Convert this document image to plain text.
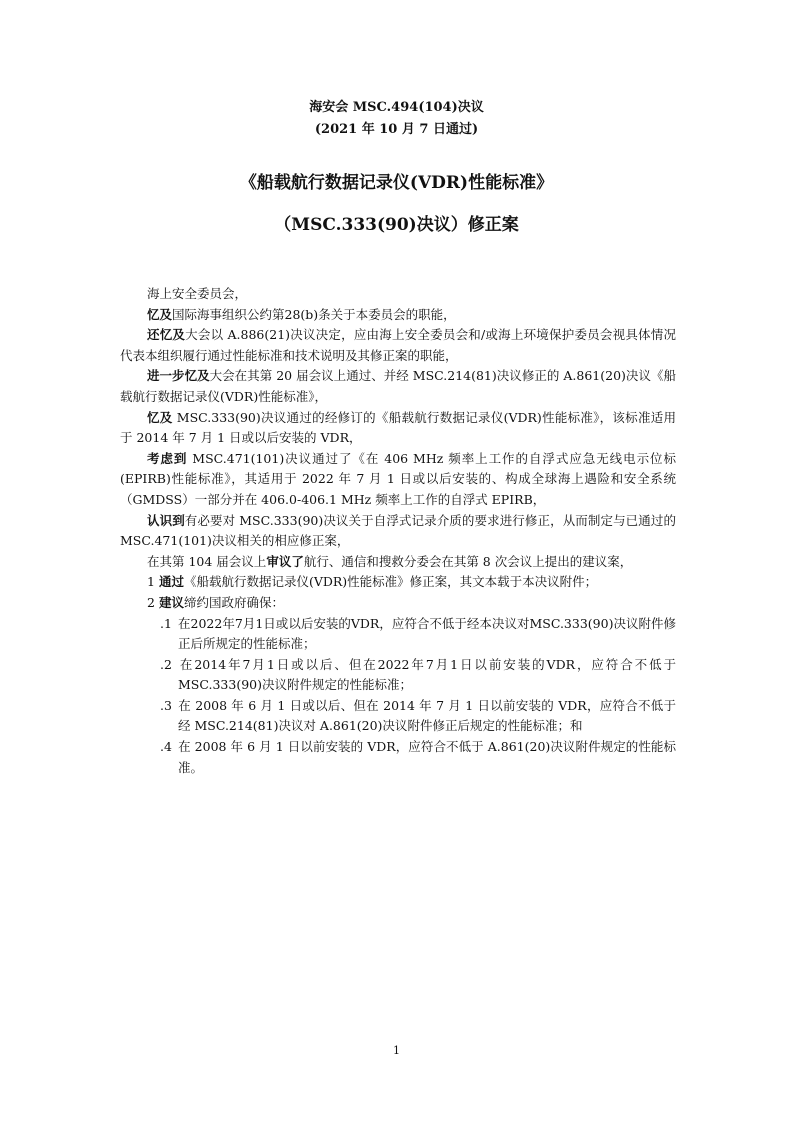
海安会 MSC.494(104)决议
(2021 年 10 月 7 日通过)
《船载航行数据记录仪(VDR)性能标准》
（MSC.333(90)决议）修正案

海上安全委员会，

忆及国际海事组织公约第28(b)条关于本委员会的职能，

还忆及大会以 A.886(21)决议决定，应由海上安全委员会和/或海上环境保护委员会视具体情况代表本组织履行通过性能标准和技术说明及其修正案的职能，

进一步忆及大会在其第 20 届会议上通过、并经 MSC.214(81)决议修正的 A.861(20)决议《船载航行数据记录仪(VDR)性能标准》，

忆及 MSC.333(90)决议通过的经修订的《船载航行数据记录仪(VDR)性能标准》，该标准适用于 2014 年 7 月 1 日或以后安装的 VDR，

考虑到 MSC.471(101)决议通过了《在 406 MHz 频率上工作的自浮式应急无线电示位标(EPIRB)性能标准》，其适用于 2022 年 7 月 1 日或以后安装的、构成全球海上遇险和安全系统（GMDSS）一部分并在 406.0-406.1 MHz 频率上工作的自浮式 EPIRB，

认识到有必要对 MSC.333(90)决议关于自浮式记录介质的要求进行修正，从而制定与已通过的 MSC.471(101)决议相关的相应修正案，

在其第 104 届会议上审议了航行、通信和搜救分委会在其第 8 次会议上提出的建议案，

1 通过《船载航行数据记录仪(VDR)性能标准》修正案，其文本载于本决议附件；

2 建议缔约国政府确保：

.1 在2022年7月1日或以后安装的VDR，应符合不低于经本决议对MSC.333(90)决议附件修正后所规定的性能标准；

.2 在2014年7月1日或以后、但在2022年7月1日以前安装的VDR，应符合不低于MSC.333(90)决议附件规定的性能标准；

.3 在 2008 年 6 月 1 日或以后、但在 2014 年 7 月 1 日以前安装的 VDR，应符合不低于经 MSC.214(81)决议对 A.861(20)决议附件修正后规定的性能标准；和

.4 在 2008 年 6 月 1 日以前安装的 VDR，应符合不低于 A.861(20)决议附件规定的性能标准。

1
